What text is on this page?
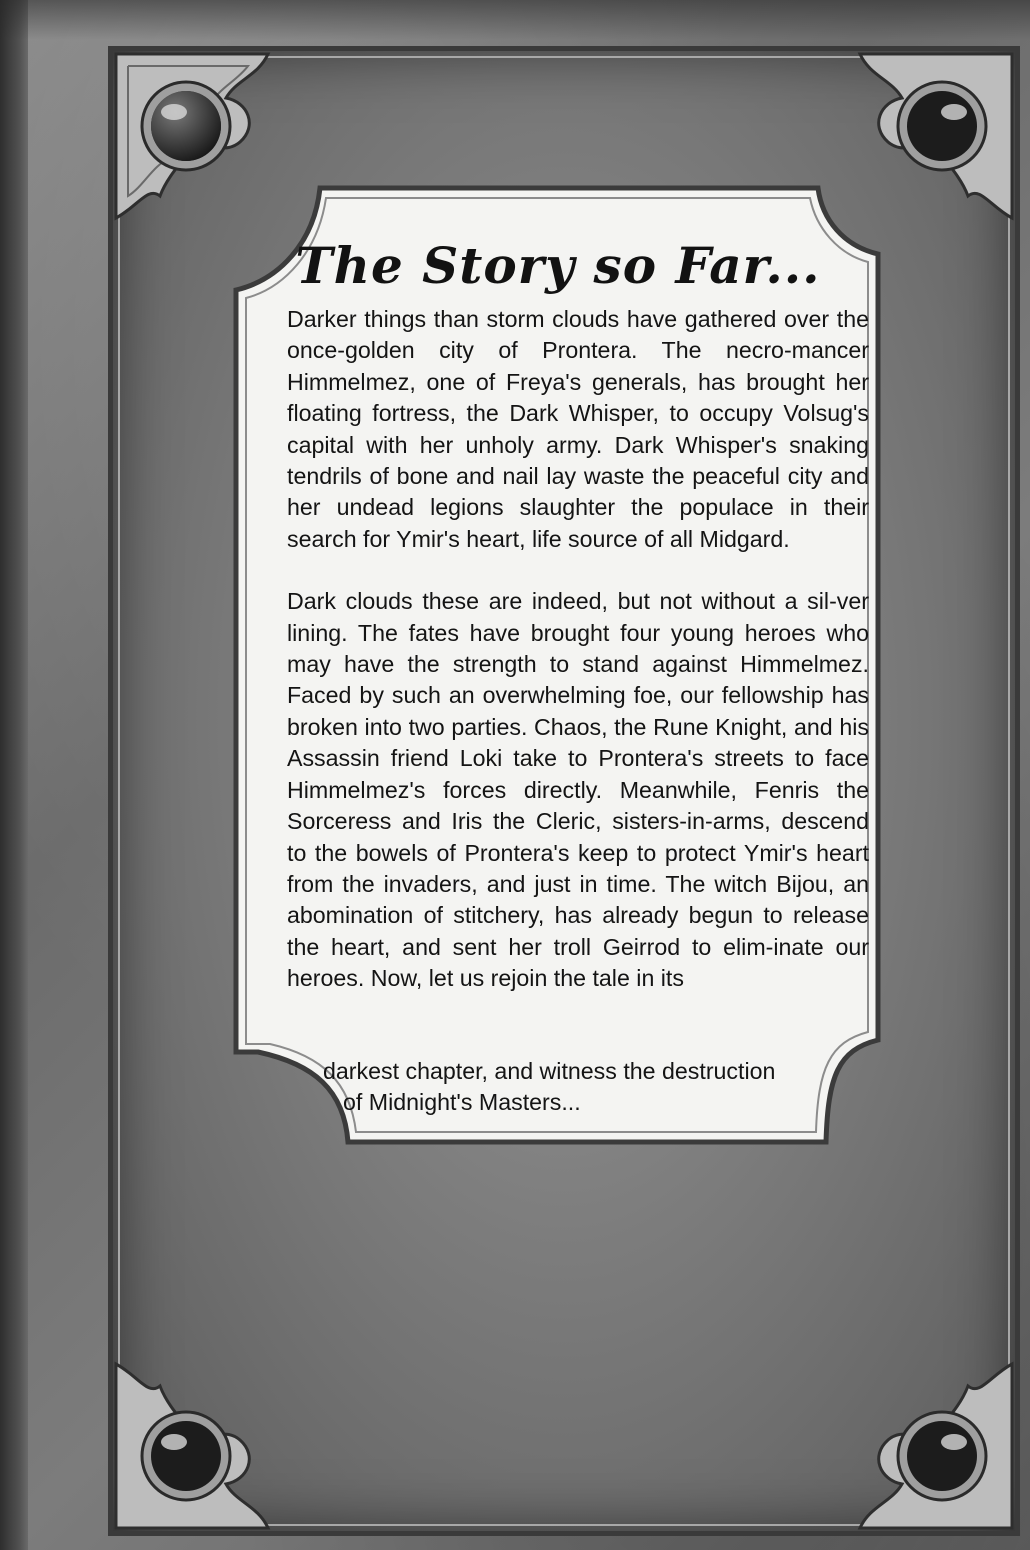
The Story so Far...

Darker things than storm clouds have gathered over the once-golden city of Prontera. The necro-mancer Himmelmez, one of Freya's generals, has brought her floating fortress, the Dark Whisper, to occupy Volsug's capital with her unholy army. Dark Whisper's snaking tendrils of bone and nail lay waste the peaceful city and her undead legions slaughter the populace in their search for Ymir's heart, life source of all Midgard.

Dark clouds these are indeed, but not without a sil-ver lining. The fates have brought four young heroes who may have the strength to stand against Himmelmez. Faced by such an overwhelming foe, our fellowship has broken into two parties. Chaos, the Rune Knight, and his Assassin friend Loki take to Prontera's streets to face Himmelmez's forces directly. Meanwhile, Fenris the Sorceress and Iris the Cleric, sisters-in-arms, descend to the bowels of Prontera's keep to protect Ymir's heart from the invaders, and just in time. The witch Bijou, an abomination of stitchery, has already begun to release the heart, and sent her troll Geirrod to elim-inate our heroes. Now, let us rejoin the tale in its

darkest chapter, and witness the destruction
of Midnight's Masters...
